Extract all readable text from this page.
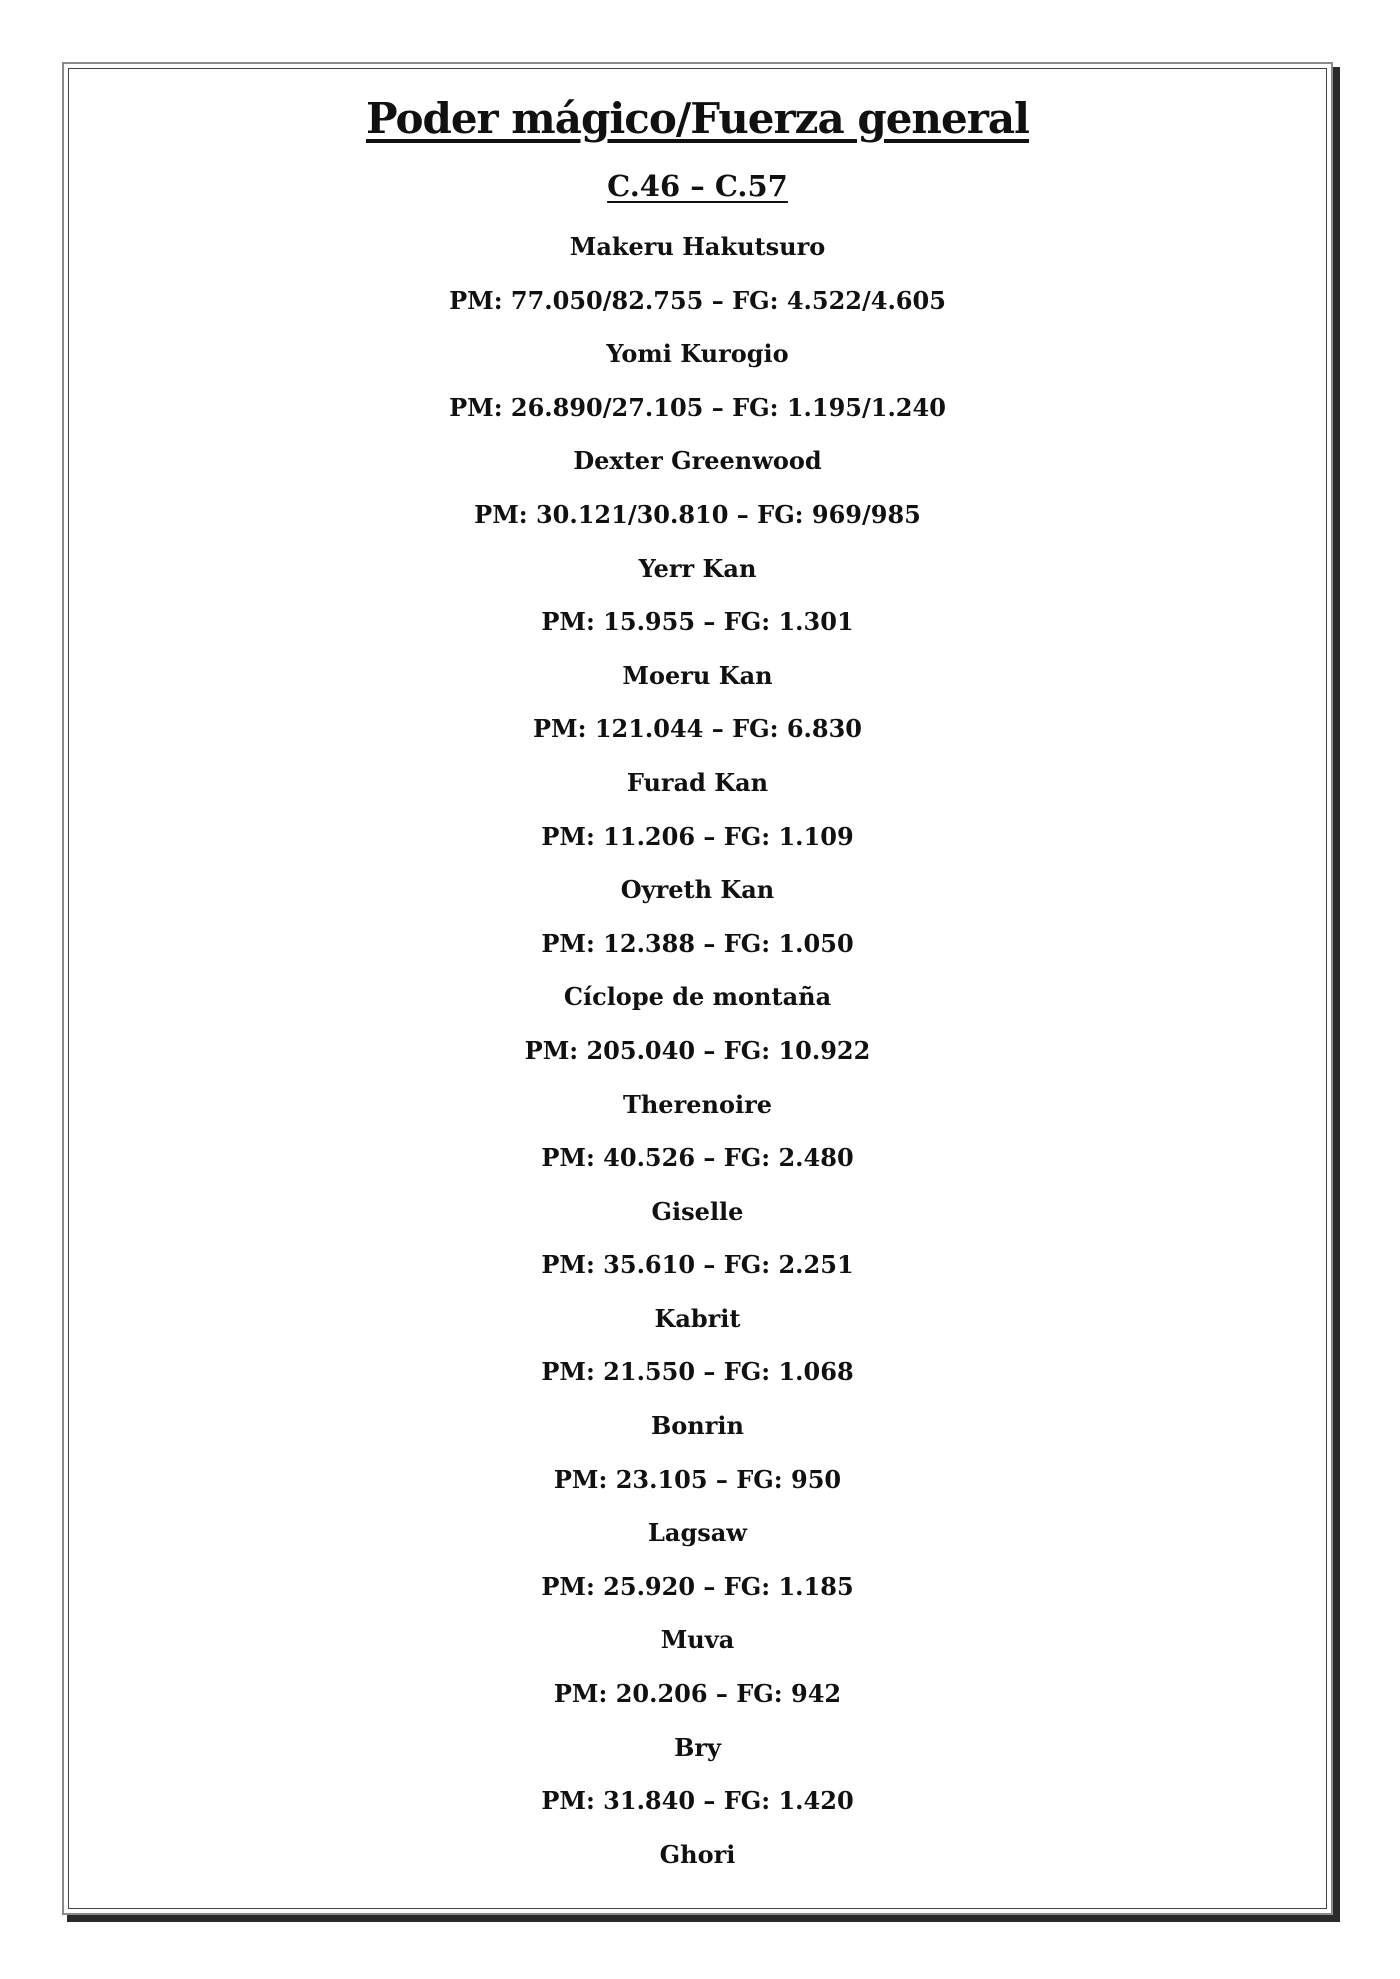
Poder mágico/Fuerza general
C.46 – C.57
Makeru Hakutsuro
PM: 77.050/82.755 – FG: 4.522/4.605
Yomi Kurogio
PM: 26.890/27.105 – FG: 1.195/1.240
Dexter Greenwood
PM: 30.121/30.810 – FG: 969/985
Yerr Kan
PM: 15.955 – FG: 1.301
Moeru Kan
PM: 121.044 – FG: 6.830
Furad Kan
PM: 11.206 – FG: 1.109
Oyreth Kan
PM: 12.388 – FG: 1.050
Cíclope de montaña
PM: 205.040 – FG: 10.922
Therenoire
PM: 40.526 – FG: 2.480
Giselle
PM: 35.610 – FG: 2.251
Kabrit
PM: 21.550 – FG: 1.068
Bonrin
PM: 23.105 – FG: 950
Lagsaw
PM: 25.920 – FG: 1.185
Muva
PM: 20.206 – FG: 942
Bry
PM: 31.840 – FG: 1.420
Ghori
